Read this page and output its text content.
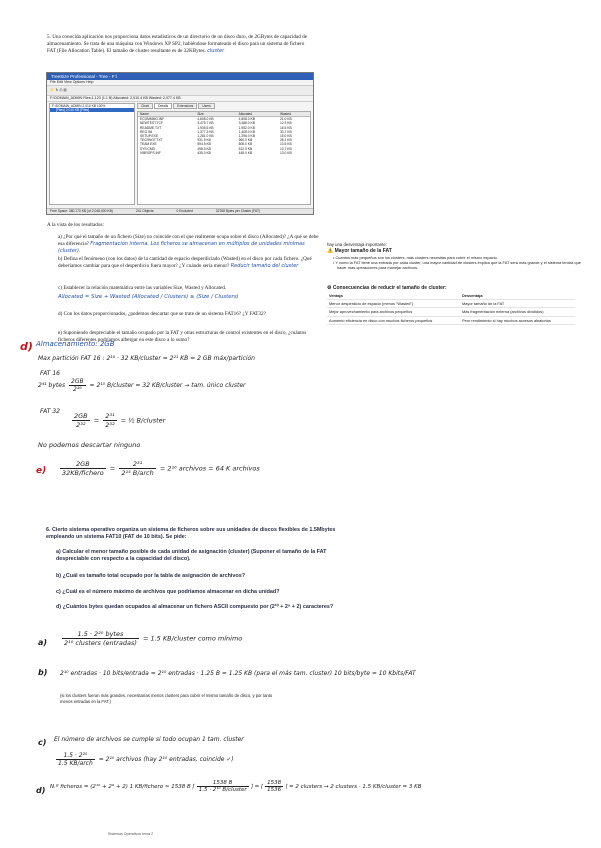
5. Una conocida aplicación nos proporciona datos estadísticos de un directorio de un disco duro, de 2GBytes de capacidad de almacenamiento. Se trata de una máquina con Windows XP SP2, habiéndose formateado el disco para un sistema de fichero FAT (File Allocation Table). El tamaño de cluster resultante es de 32KBytes. cluster
TreeSize Professional - Tree - F:\
File Edit View Options Help
📁 ↻ ⎙ ▥
F:\DOMAIN_ADMIN Files:1,123 (1.1 B) Allocated: 2,010.4 KB Wasted: 2,977.4 KB
F:\DOMAIN_ADMIN 2,010 KB 100%
[Files] 2,010 KB [Files]
Chart	Details	Extensions	Users
Name	Size	Allocated	Wasted
ECOMMMG.INF	4,608.0 KB	4,608.0 KB	21.0 KB
NEWTEST.TCF	3,475.7 KB	3,488.0 KB	12.3 KB
README.TXT	1,935.5 KB	1,952.0 KB	16.5 KB
REG.INI	1,377.3 KB	1,408.0 KB	30.7 KB
SETUP.EXE	1,281.0 KB	1,296.0 KB	15.0 KB
TECHNOT.TXT	931.9 KB	960.0 KB	28.1 KB
TEAM.EXE	594.5 KB	608.0 KB	13.5 KB
SYS.CMD	498.3 KB	512.0 KB	13.7 KB
VIBROPS.INF	435.0 KB	448.0 KB	13.0 KB
Free Space: 380,170 KB (of 2,048,000 KB)	241 Objects	0 Excluded	32768 Bytes per Cluster (FAT)
A la vista de los resultados:
a) ¿Por qué el tamaño de un fichero (Size) no coincide con el que realmente ocupa sobre el disco (Allocated)? ¿A qué se debe esa diferencia? Fragmentación interna. Los ficheros se almacenan en múltiplos de unidades mínimas (cluster).
b) Defina el fenómeno (con los datos) de la cantidad de espacio desperdiciado (Wasted) en el disco por cada fichero. ¿Qué deberíamos cambiar para que el desperdicio fuera mayor? ¿Y cuándo sería menor? Reducir tamaño del cluster
c) Establecer la relación matemática entre las variables Size, Wasted y Allocated.
Allocated = Size + Wasted (Allocated / Clusters) ≥ (Size / Clusters)
d) Con los datos proporcionados, ¿podemos descartar que se trate de un sistema FAT16? ¿Y FAT32?
e) Suponiendo despreciable el tamaño ocupado por la FAT y otras estructuras de control existentes en el disco, ¿cuántos ficheros diferentes podríamos albergar en este disco a lo sumo?
hay una desventaja importante:
⚠️ Mayor tamaño de la FAT
• Cuantos más pequeños son los clusters, más clusters necesitas para cubrir el mismo espacio.
• Y como la FAT tiene una entrada por cada cluster, una mayor cantidad de clusters implica que la FAT será más grande y el sistema tendrá que hacer más operaciones para manejar archivos.
⚙ Consecuencias de reducir el tamaño de cluster:
Ventaja	Desventaja
Menor desperdicio de espacio (menos "Wasted")	Mayor tamaño de la FAT
Mejor aprovechamiento para archivos pequeños	Más fragmentación externa (archivos divididos)
Aumento eficiencia en disco con muchos ficheros pequeños	Peor rendimiento si hay muchos accesos aleatorios
d) Almacenamiento: 2GB
Max partición FAT 16 : 2¹⁶ · 32 KB/cluster = 2²¹ KB = 2 GB máx/partición
FAT 16
2⁴¹ bytes $\frac{2GB}{\text{2¹⁶}} = 2^{15}$ B/cluster = 32 KB/cluster → tam. único cluster
FAT 32
$\frac{2GB}{\text{2³²}} = \frac{\text{2³¹}}{\text{2³²}}$ = ½ B/cluster
No podemos descartar ninguno
$e) \frac{2GB}{\text{32KB/fichero}} = \frac{\text{2³¹}}{\text{2¹⁵ B/arch}} = 2^{16}$ archivos = 64 K archivos
6. Cierto sistema operativo organiza un sistema de ficheros sobre sus unidades de discos flexibles de 1.5Mbytes empleando un sistema FAT10 (FAT de 10 bits). Se pide:
a) Calcular el menor tamaño posible de cada unidad de asignación (cluster) (Suponer el tamaño de la FAT despreciable con respecto a la capacidad del disco).
b) ¿Cuál es tamaño total ocupado por la tabla de asignación de archivos?
c) ¿Cuál es el número máximo de archivos que podríamos almacenar en dicha unidad?
d) ¿Cuántos bytes quedan ocupados al almacenar un fichero ASCII compuesto por (2¹⁰ + 2⁹ + 2) caracteres?
$a) \frac{\text{1.5 · 2²⁰ bytes}}{\text{2¹⁰ clusters (entradas)}} = 1.5$ KB/cluster como mínimo
b) 2¹⁰ entradas · 10 bits/entrada = 2¹⁰ entradas · 1.25 B = 1.25 KB (para el más tam. cluster) 10 bits/byte = 10 Kbits/FAT
(si los clusters fueran más grandes, necesitarías menos clusters para cubrir el mismo tamaño de disco, y por tanto menos entradas en la FAT.)
c) El número de archivos se cumple si todo ocupan 1 tam. cluster
$\frac{\text{1.5 · 2²⁰}}{\text{1.5 KB/arch}} = 2^{10}$ archivos (hay 2¹⁰ entradas, coincide ✓)
d) N.º ficheros = (2¹⁰ + 2⁹ + 2) 1 KB/fichero ≈ 1538 B ⌈ $\frac{1538 B}{\text{1.5 · 2¹⁰ B/cluster}}$ ⌉ = ⌈ $\frac{1538}{1536}$ ⌉ = 2 clusters → 2 clusters · 1.5 KB/cluster = 3 KB
Sistemas Operativos tema 2
